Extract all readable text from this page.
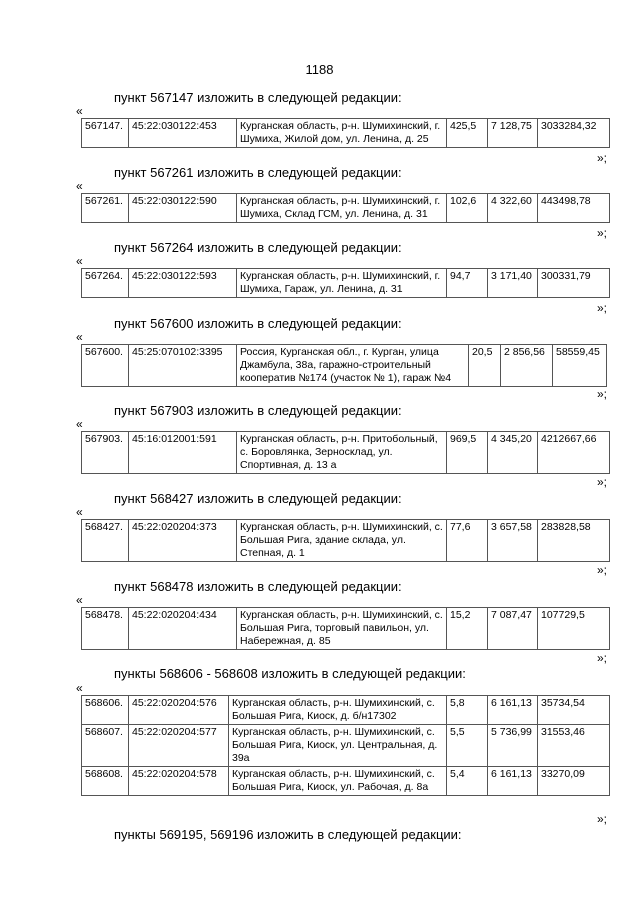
1188
пункт 567147 изложить в следующей редакции:
«
567147.	45:22:030122:453	Курганская область, р-н. Шумихинский, г. Шумиха, Жилой дом, ул. Ленина, д. 25	425,5	7 128,75	3033284,32
»;
пункт 567261 изложить в следующей редакции:
«
567261.	45:22:030122:590	Курганская область, р-н. Шумихинский, г. Шумиха, Склад ГСМ, ул. Ленина, д. 31	102,6	4 322,60	443498,78
»;
пункт 567264 изложить в следующей редакции:
«
567264.	45:22:030122:593	Курганская область, р-н. Шумихинский, г. Шумиха, Гараж, ул. Ленина, д. 31	94,7	3 171,40	300331,79
»;
пункт 567600 изложить в следующей редакции:
«
567600.	45:25:070102:3395	Россия, Курганская обл., г. Курган, улица Джамбула, 38а, гаражно-строительный кооператив №174 (участок № 1), гараж №4	20,5	2 856,56	58559,45
»;
пункт 567903 изложить в следующей редакции:
«
567903.	45:16:012001:591	Курганская область, р-н. Притобольный, с. Боровлянка, Зерносклад, ул. Спортивная, д. 13 а	969,5	4 345,20	4212667,66
»;
пункт 568427 изложить в следующей редакции:
«
568427.	45:22:020204:373	Курганская область, р-н. Шумихинский, с. Большая Рига, здание склада, ул. Степная, д. 1	77,6	3 657,58	283828,58
»;
пункт 568478 изложить в следующей редакции:
«
568478.	45:22:020204:434	Курганская область, р-н. Шумихинский, с. Большая Рига, торговый павильон, ул. Набережная, д. 85	15,2	7 087,47	107729,5
»;
пункты 568606 - 568608 изложить в следующей редакции:
«
568606.	45:22:020204:576	Курганская область, р-н. Шумихинский, с. Большая Рига, Киоск, д. б/н17302	5,8	6 161,13	35734,54
568607.	45:22:020204:577	Курганская область, р-н. Шумихинский, с. Большая Рига, Киоск, ул. Центральная, д. 39а	5,5	5 736,99	31553,46
568608.	45:22:020204:578	Курганская область, р-н. Шумихинский, с. Большая Рига, Киоск, ул. Рабочая, д. 8а	5,4	6 161,13	33270,09
»;
пункты 569195, 569196 изложить в следующей редакции:
